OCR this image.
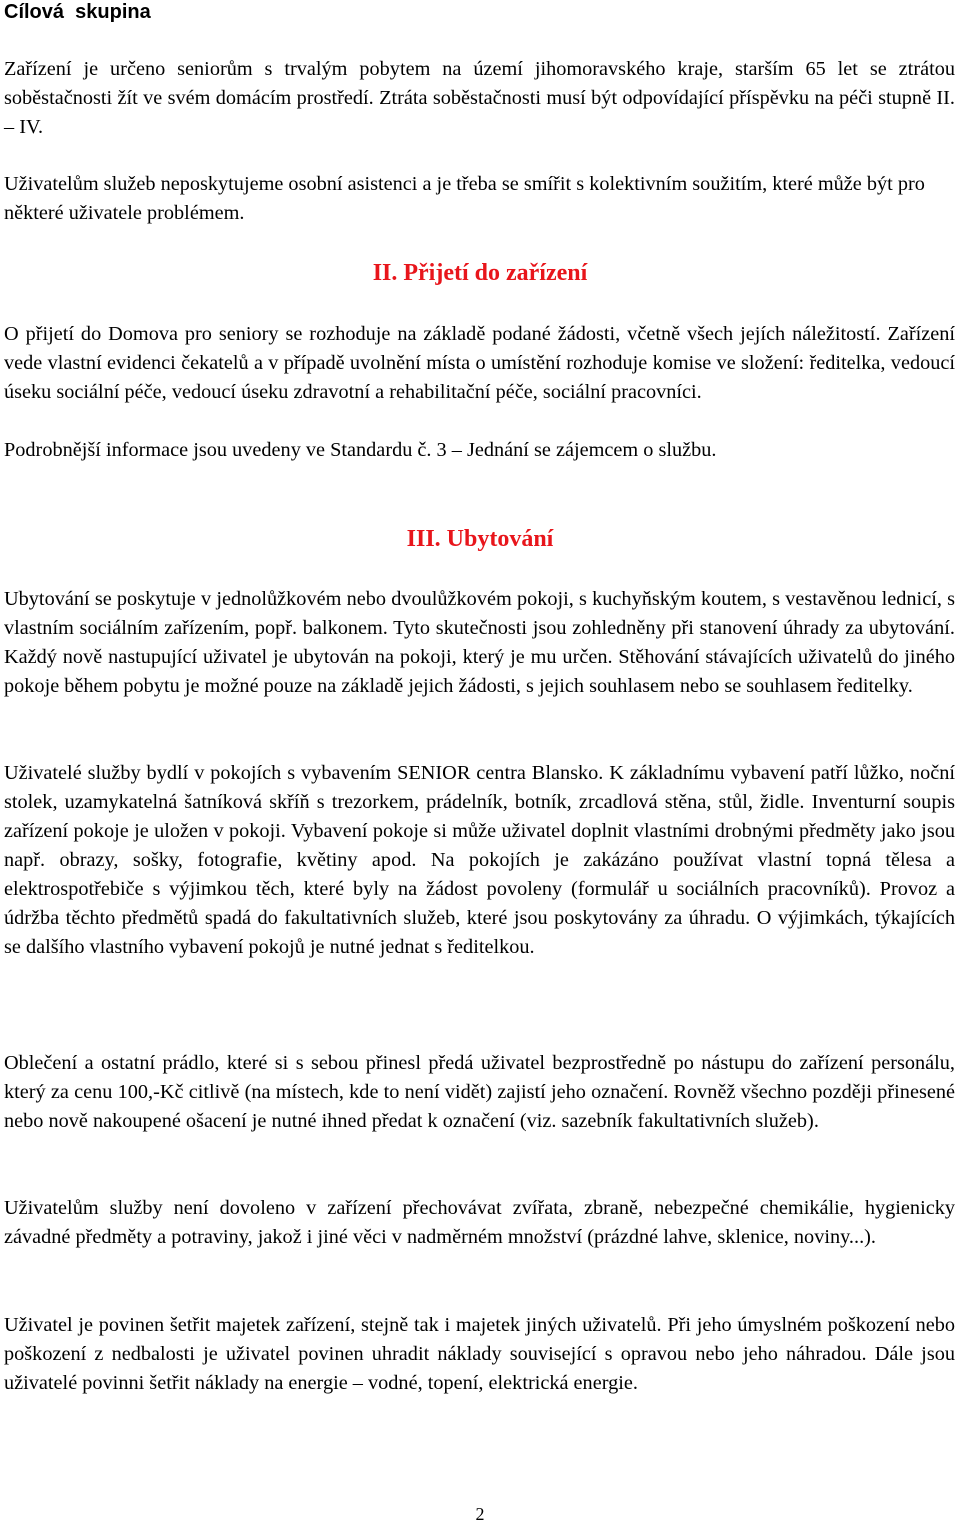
Cílová  skupina

Zařízení je určeno seniorům s trvalým pobytem na území jihomoravského kraje, starším 65 let se ztrátou soběstačnosti žít ve svém domácím prostředí. Ztráta soběstačnosti musí být odpovídající příspěvku na péči stupně II. – IV.

Uživatelům služeb neposkytujeme osobní asistenci a je třeba se smířit s kolektivním soužitím, které může být pro některé uživatele problémem.

II. Přijetí do zařízení

O přijetí do Domova pro seniory se rozhoduje na základě podané žádosti, včetně všech jejích náležitostí. Zařízení vede vlastní evidenci čekatelů a v případě uvolnění místa o umístění rozhoduje komise ve složení: ředitelka, vedoucí úseku sociální péče, vedoucí úseku zdravotní a rehabilitační péče, sociální pracovníci.

Podrobnější informace jsou uvedeny ve Standardu č. 3 – Jednání se zájemcem o službu.

III. Ubytování

Ubytování se poskytuje v jednolůžkovém nebo dvoulůžkovém pokoji, s kuchyňským koutem, s vestavěnou lednicí, s vlastním sociálním zařízením, popř. balkonem. Tyto skutečnosti jsou zohledněny při stanovení úhrady za ubytování. Každý nově nastupující uživatel je ubytován na pokoji, který je mu určen. Stěhování stávajících uživatelů do jiného pokoje během pobytu je možné pouze na základě jejich žádosti, s jejich souhlasem nebo se souhlasem ředitelky.

Uživatelé služby bydlí v pokojích s vybavením SENIOR centra Blansko. K základnímu vybavení patří lůžko, noční stolek, uzamykatelná šatníková skříň s trezorkem, prádelník, botník, zrcadlová stěna, stůl, židle. Inventurní soupis zařízení pokoje je uložen v pokoji. Vybavení pokoje si může uživatel doplnit vlastními drobnými předměty jako jsou např. obrazy, sošky, fotografie, květiny apod. Na pokojích je zakázáno používat vlastní topná tělesa a elektrospotřebiče s výjimkou těch, které byly na žádost povoleny (formulář u sociálních pracovníků). Provoz a údržba těchto předmětů spadá do fakultativních služeb, které jsou poskytovány za úhradu. O výjimkách, týkajících se dalšího vlastního vybavení pokojů je nutné jednat s ředitelkou.

Oblečení a ostatní prádlo, které si s sebou přinesl předá uživatel bezprostředně po nástupu do zařízení personálu, který za cenu 100,-Kč citlivě (na místech, kde to není vidět) zajistí jeho označení. Rovněž všechno později přinesené nebo nově nakoupené ošacení je nutné ihned předat k označení (viz. sazebník fakultativních služeb).

Uživatelům služby není dovoleno v zařízení přechovávat zvířata, zbraně, nebezpečné chemikálie, hygienicky závadné předměty a potraviny, jakož i jiné věci v nadměrném množství (prázdné lahve, sklenice, noviny...).

Uživatel je povinen šetřit majetek zařízení, stejně tak i majetek jiných uživatelů. Při jeho úmyslném poškození nebo poškození z nedbalosti je uživatel povinen uhradit náklady související s opravou nebo jeho náhradou. Dále jsou uživatelé povinni šetřit náklady na energie – vodné, topení, elektrická energie.

2
